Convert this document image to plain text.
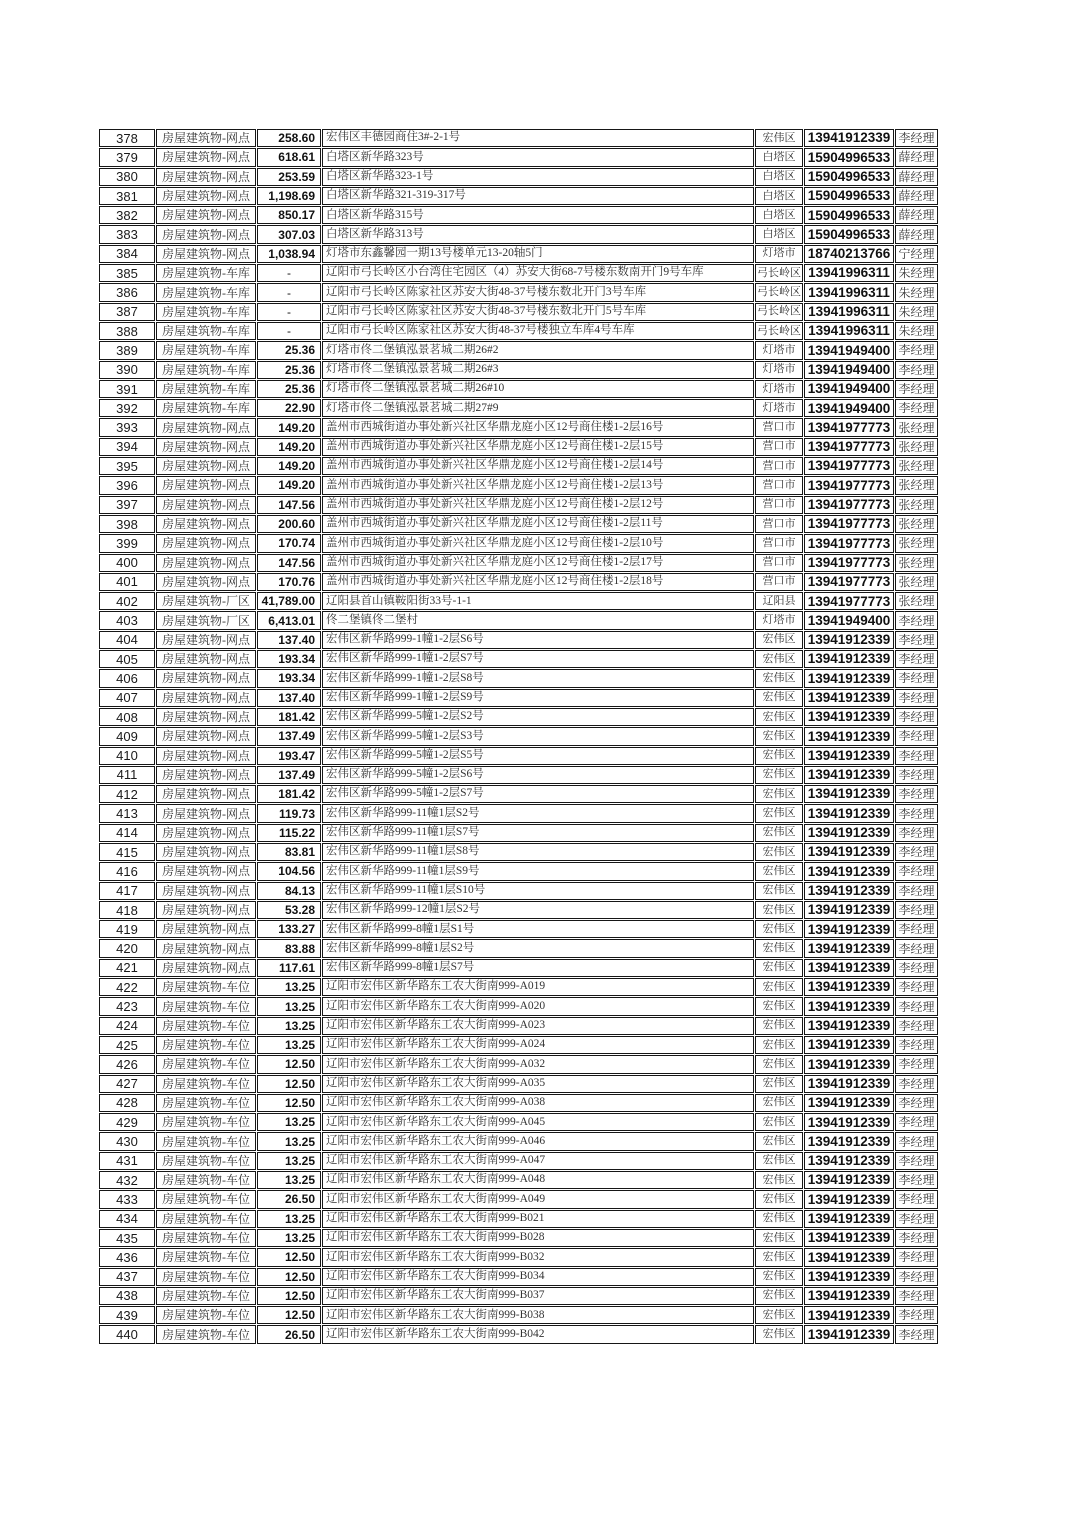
378	房屋建筑物-网点	258.60	宏伟区丰德园商住3#-2-1号	宏伟区	13941912339	李经理
379	房屋建筑物-网点	618.61	白塔区新华路323号	白塔区	15904996533	薛经理
380	房屋建筑物-网点	253.59	白塔区新华路323-1号	白塔区	15904996533	薛经理
381	房屋建筑物-网点	1,198.69	白塔区新华路321-319-317号	白塔区	15904996533	薛经理
382	房屋建筑物-网点	850.17	白塔区新华路315号	白塔区	15904996533	薛经理
383	房屋建筑物-网点	307.03	白塔区新华路313号	白塔区	15904996533	薛经理
384	房屋建筑物-网点	1,038.94	灯塔市东鑫馨园一期13号楼单元13-20轴5门	灯塔市	18740213766	宁经理
385	房屋建筑物-车库	-	辽阳市弓长岭区小台湾住宅园区（4）苏安大街68-7号楼东数南开门9号车库	弓长岭区	13941996311	朱经理
386	房屋建筑物-车库	-	辽阳市弓长岭区陈家社区苏安大街48-37号楼东数北开门3号车库	弓长岭区	13941996311	朱经理
387	房屋建筑物-车库	-	辽阳市弓长岭区陈家社区苏安大街48-37号楼东数北开门5号车库	弓长岭区	13941996311	朱经理
388	房屋建筑物-车库	-	辽阳市弓长岭区陈家社区苏安大街48-37号楼独立车库4号车库	弓长岭区	13941996311	朱经理
389	房屋建筑物-车库	25.36	灯塔市佟二堡镇泓景茗城二期26#2	灯塔市	13941949400	李经理
390	房屋建筑物-车库	25.36	灯塔市佟二堡镇泓景茗城二期26#3	灯塔市	13941949400	李经理
391	房屋建筑物-车库	25.36	灯塔市佟二堡镇泓景茗城二期26#10	灯塔市	13941949400	李经理
392	房屋建筑物-车库	22.90	灯塔市佟二堡镇泓景茗城二期27#9	灯塔市	13941949400	李经理
393	房屋建筑物-网点	149.20	盖州市西城街道办事处新兴社区华鼎龙庭小区12号商住楼1-2层16号	营口市	13941977773	张经理
394	房屋建筑物-网点	149.20	盖州市西城街道办事处新兴社区华鼎龙庭小区12号商住楼1-2层15号	营口市	13941977773	张经理
395	房屋建筑物-网点	149.20	盖州市西城街道办事处新兴社区华鼎龙庭小区12号商住楼1-2层14号	营口市	13941977773	张经理
396	房屋建筑物-网点	149.20	盖州市西城街道办事处新兴社区华鼎龙庭小区12号商住楼1-2层13号	营口市	13941977773	张经理
397	房屋建筑物-网点	147.56	盖州市西城街道办事处新兴社区华鼎龙庭小区12号商住楼1-2层12号	营口市	13941977773	张经理
398	房屋建筑物-网点	200.60	盖州市西城街道办事处新兴社区华鼎龙庭小区12号商住楼1-2层11号	营口市	13941977773	张经理
399	房屋建筑物-网点	170.74	盖州市西城街道办事处新兴社区华鼎龙庭小区12号商住楼1-2层10号	营口市	13941977773	张经理
400	房屋建筑物-网点	147.56	盖州市西城街道办事处新兴社区华鼎龙庭小区12号商住楼1-2层17号	营口市	13941977773	张经理
401	房屋建筑物-网点	170.76	盖州市西城街道办事处新兴社区华鼎龙庭小区12号商住楼1-2层18号	营口市	13941977773	张经理
402	房屋建筑物-厂区	41,789.00	辽阳县首山镇鞍阳街33号-1-1	辽阳县	13941977773	张经理
403	房屋建筑物-厂区	6,413.01	佟二堡镇佟二堡村	灯塔市	13941949400	李经理
404	房屋建筑物-网点	137.40	宏伟区新华路999-1幢1-2层S6号	宏伟区	13941912339	李经理
405	房屋建筑物-网点	193.34	宏伟区新华路999-1幢1-2层S7号	宏伟区	13941912339	李经理
406	房屋建筑物-网点	193.34	宏伟区新华路999-1幢1-2层S8号	宏伟区	13941912339	李经理
407	房屋建筑物-网点	137.40	宏伟区新华路999-1幢1-2层S9号	宏伟区	13941912339	李经理
408	房屋建筑物-网点	181.42	宏伟区新华路999-5幢1-2层S2号	宏伟区	13941912339	李经理
409	房屋建筑物-网点	137.49	宏伟区新华路999-5幢1-2层S3号	宏伟区	13941912339	李经理
410	房屋建筑物-网点	193.47	宏伟区新华路999-5幢1-2层S5号	宏伟区	13941912339	李经理
411	房屋建筑物-网点	137.49	宏伟区新华路999-5幢1-2层S6号	宏伟区	13941912339	李经理
412	房屋建筑物-网点	181.42	宏伟区新华路999-5幢1-2层S7号	宏伟区	13941912339	李经理
413	房屋建筑物-网点	119.73	宏伟区新华路999-11幢1层S2号	宏伟区	13941912339	李经理
414	房屋建筑物-网点	115.22	宏伟区新华路999-11幢1层S7号	宏伟区	13941912339	李经理
415	房屋建筑物-网点	83.81	宏伟区新华路999-11幢1层S8号	宏伟区	13941912339	李经理
416	房屋建筑物-网点	104.56	宏伟区新华路999-11幢1层S9号	宏伟区	13941912339	李经理
417	房屋建筑物-网点	84.13	宏伟区新华路999-11幢1层S10号	宏伟区	13941912339	李经理
418	房屋建筑物-网点	53.28	宏伟区新华路999-12幢1层S2号	宏伟区	13941912339	李经理
419	房屋建筑物-网点	133.27	宏伟区新华路999-8幢1层S1号	宏伟区	13941912339	李经理
420	房屋建筑物-网点	83.88	宏伟区新华路999-8幢1层S2号	宏伟区	13941912339	李经理
421	房屋建筑物-网点	117.61	宏伟区新华路999-8幢1层S7号	宏伟区	13941912339	李经理
422	房屋建筑物-车位	13.25	辽阳市宏伟区新华路东工农大街南999-A019	宏伟区	13941912339	李经理
423	房屋建筑物-车位	13.25	辽阳市宏伟区新华路东工农大街南999-A020	宏伟区	13941912339	李经理
424	房屋建筑物-车位	13.25	辽阳市宏伟区新华路东工农大街南999-A023	宏伟区	13941912339	李经理
425	房屋建筑物-车位	13.25	辽阳市宏伟区新华路东工农大街南999-A024	宏伟区	13941912339	李经理
426	房屋建筑物-车位	12.50	辽阳市宏伟区新华路东工农大街南999-A032	宏伟区	13941912339	李经理
427	房屋建筑物-车位	12.50	辽阳市宏伟区新华路东工农大街南999-A035	宏伟区	13941912339	李经理
428	房屋建筑物-车位	12.50	辽阳市宏伟区新华路东工农大街南999-A038	宏伟区	13941912339	李经理
429	房屋建筑物-车位	13.25	辽阳市宏伟区新华路东工农大街南999-A045	宏伟区	13941912339	李经理
430	房屋建筑物-车位	13.25	辽阳市宏伟区新华路东工农大街南999-A046	宏伟区	13941912339	李经理
431	房屋建筑物-车位	13.25	辽阳市宏伟区新华路东工农大街南999-A047	宏伟区	13941912339	李经理
432	房屋建筑物-车位	13.25	辽阳市宏伟区新华路东工农大街南999-A048	宏伟区	13941912339	李经理
433	房屋建筑物-车位	26.50	辽阳市宏伟区新华路东工农大街南999-A049	宏伟区	13941912339	李经理
434	房屋建筑物-车位	13.25	辽阳市宏伟区新华路东工农大街南999-B021	宏伟区	13941912339	李经理
435	房屋建筑物-车位	13.25	辽阳市宏伟区新华路东工农大街南999-B028	宏伟区	13941912339	李经理
436	房屋建筑物-车位	12.50	辽阳市宏伟区新华路东工农大街南999-B032	宏伟区	13941912339	李经理
437	房屋建筑物-车位	12.50	辽阳市宏伟区新华路东工农大街南999-B034	宏伟区	13941912339	李经理
438	房屋建筑物-车位	12.50	辽阳市宏伟区新华路东工农大街南999-B037	宏伟区	13941912339	李经理
439	房屋建筑物-车位	12.50	辽阳市宏伟区新华路东工农大街南999-B038	宏伟区	13941912339	李经理
440	房屋建筑物-车位	26.50	辽阳市宏伟区新华路东工农大街南999-B042	宏伟区	13941912339	李经理
